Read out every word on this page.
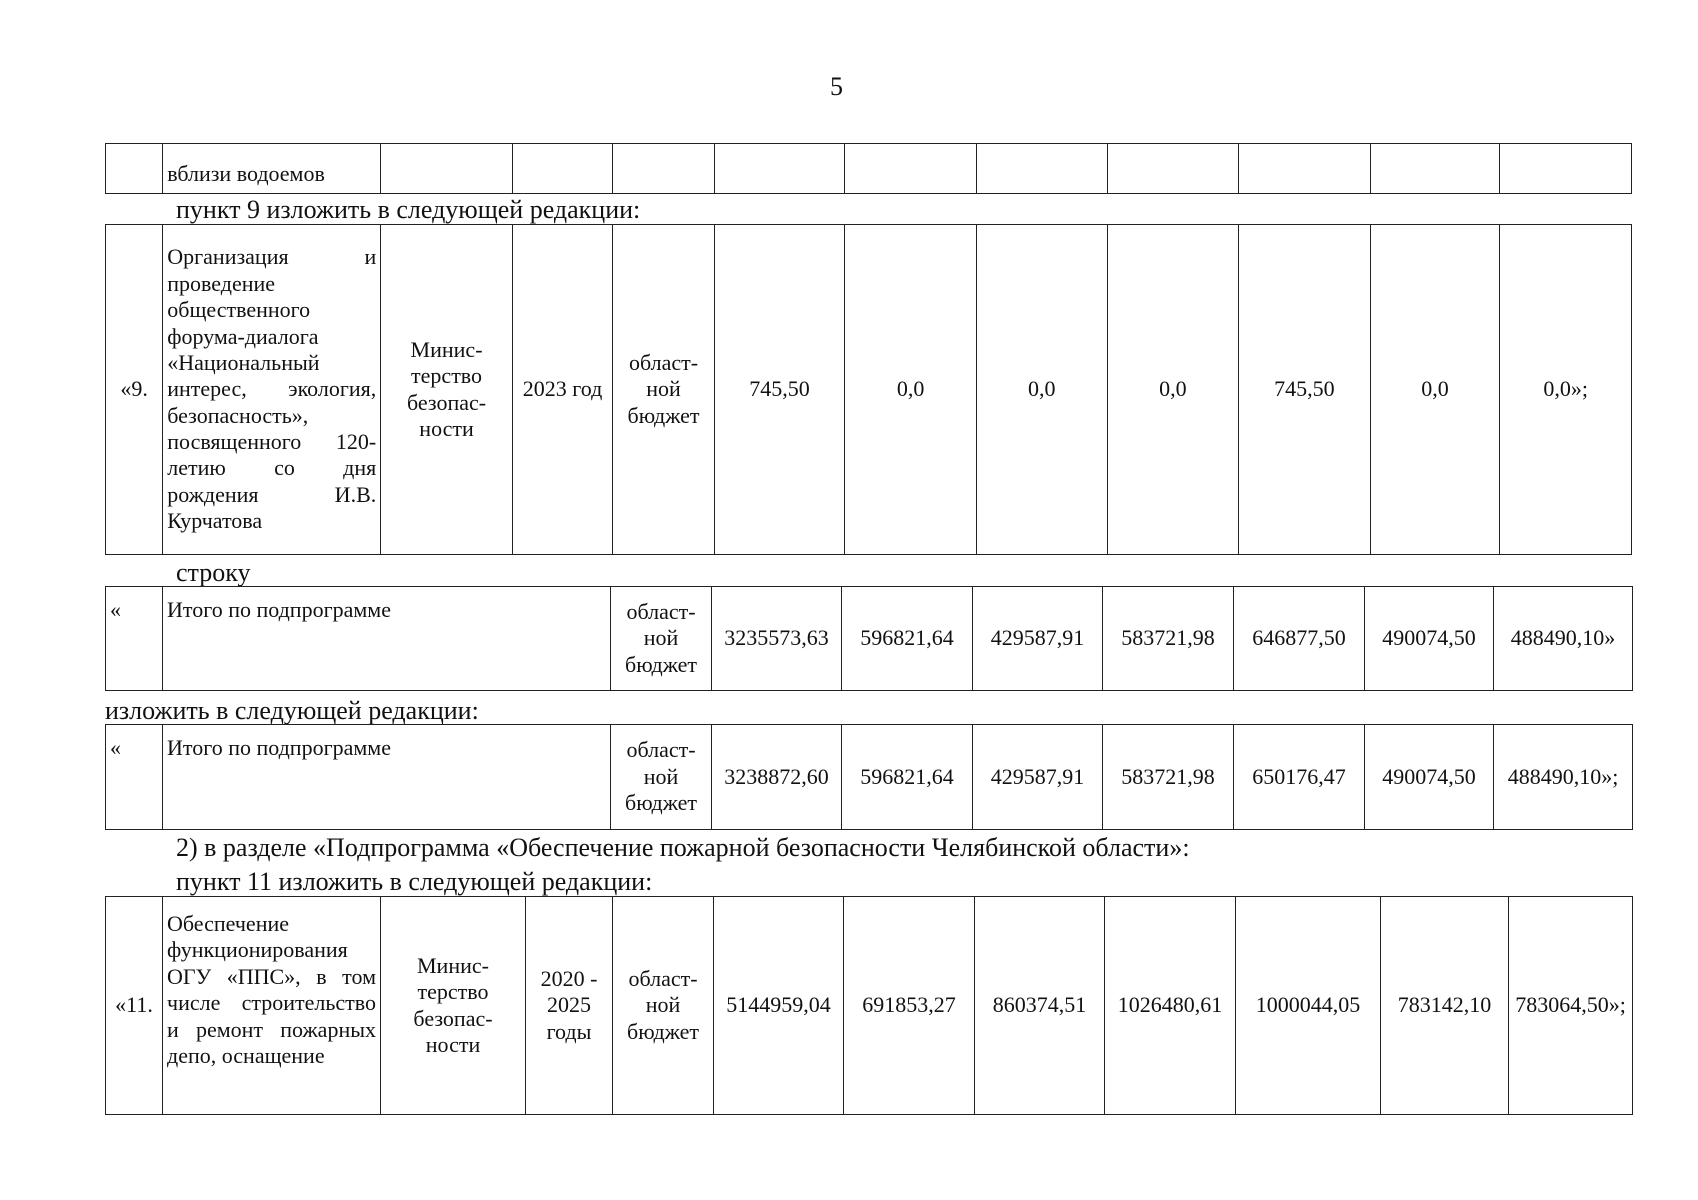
5
	вблизи водоемов										
пункт 9 изложить в следующей редакции:
«9.	Организация и проведение общественного форума-диалога «Национальный интерес, экология, безопасность», посвященного 120-летию со дня рождения И.В. Курчатова	Минис-
терство
безопас-
ности	2023 год	област-
ной
бюджет	745,50	0,0	0,0	0,0	745,50	0,0	0,0»;
строку
«	Итого по подпрограмме	област-
ной
бюджет	3235573,63	596821,64	429587,91	583721,98	646877,50	490074,50	488490,10»
изложить в следующей редакции:
«	Итого по подпрограмме	област-
ной
бюджет	3238872,60	596821,64	429587,91	583721,98	650176,47	490074,50	488490,10»;
2) в разделе «Подпрограмма «Обеспечение пожарной безопасности Челябинской области»:
пункт 11 изложить в следующей редакции:
«11.	Обеспечение функционирования ОГУ «ППС», в том числе строительство и ремонт пожарных депо, оснащение	Минис-
терство
безопас-
ности	2020 -
2025
годы	област-
ной
бюджет	5144959,04	691853,27	860374,51	1026480,61	1000044,05	783142,10	783064,50»;
